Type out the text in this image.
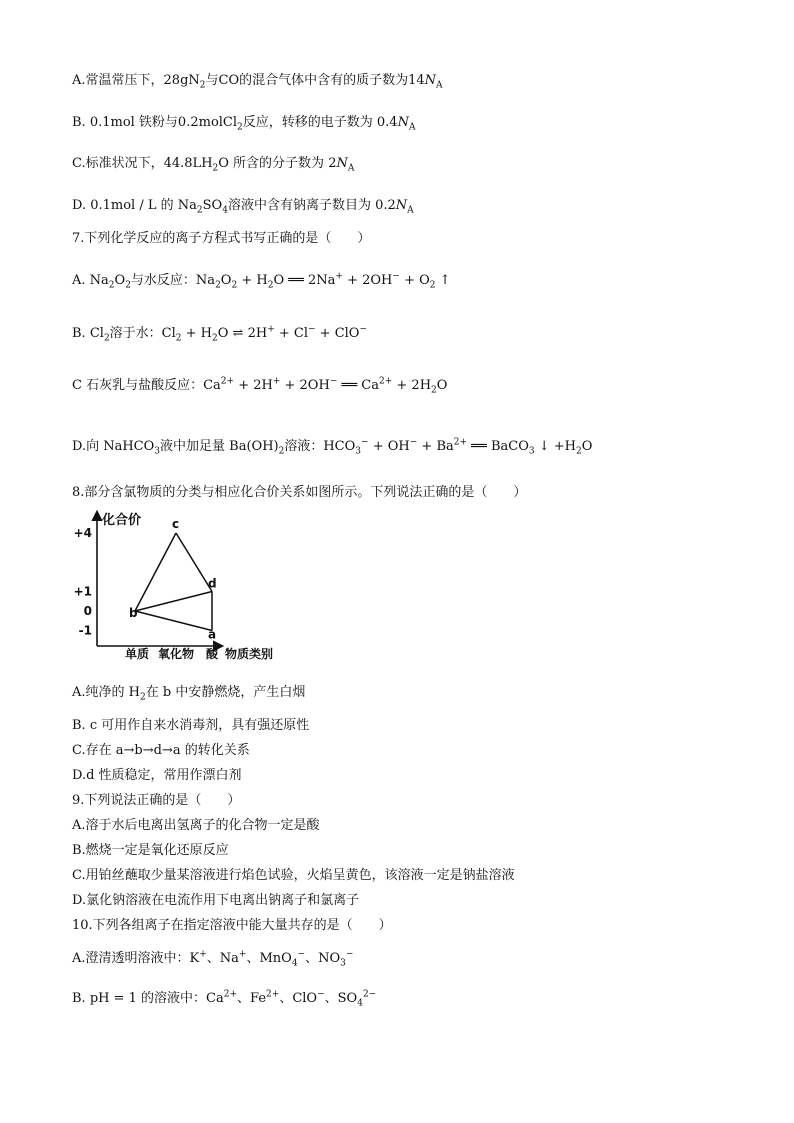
A.常温常压下，$28gN_2$与CO的混合气体中含有的质子数为$14N_A$
B. 0.1mol 铁粉与0.2molCl$_2$反应，转移的电子数为 $0.4N_A$
C.标准状况下，$44.8LH_2O$ 所含的分子数为 $2N_A$
D. 0.1mol / L 的 $Na_2SO_4$溶液中含有钠离子数目为 $0.2N_A$
7.下列化学反应的离子方程式书写正确的是（　　）
A. $Na_2O_2$与水反应：$Na_2O_2 + H_2O$ ══ $2Na^+ + 2OH^- + O_2$ ↑
B. $Cl_2$溶于水：$Cl_2 + H_2O$ ⇌ 2H+ + Cl− + ClO−
C 石灰乳与盐酸反应：$Ca^{2+} + 2H^+ + 2OH^-$ ══ $Ca^{2+} + 2H_2O$
D.向 NaHCO$_3$液中加足量 $Ba(OH)_2$溶液：$HCO_3^- + OH^- + Ba^{2+}$ ══ BaCO$_3$ ↓ $+H_2O$
8.部分含氯物质的分类与相应化合价关系如图所示。下列说法正确的是（　　）
化合价
物质类别
+4
+1
0
-1
单质 氧化物 酸
b
c
d
a
A.纯净的 $H_2$在 b 中安静燃烧，产生白烟
B. c 可用作自来水消毒剂，具有强还原性
C.存在 a→b→d→a 的转化关系
D.d 性质稳定，常用作漂白剂
9.下列说法正确的是（　　）
A.溶于水后电离出氢离子的化合物一定是酸
B.燃烧一定是氧化还原反应
C.用铂丝蘸取少量某溶液进行焰色试验，火焰呈黄色，该溶液一定是钠盐溶液
D.氯化钠溶液在电流作用下电离出钠离子和氯离子
10.下列各组离子在指定溶液中能大量共存的是（　　）
A.澄清透明溶液中：K+、Na+、MnO$_4$−、$NO_3^-$
B. pH = 1 的溶液中：$Ca^{2+}$、$Fe^{2+}$、ClO−、$SO_4^{2-}$
